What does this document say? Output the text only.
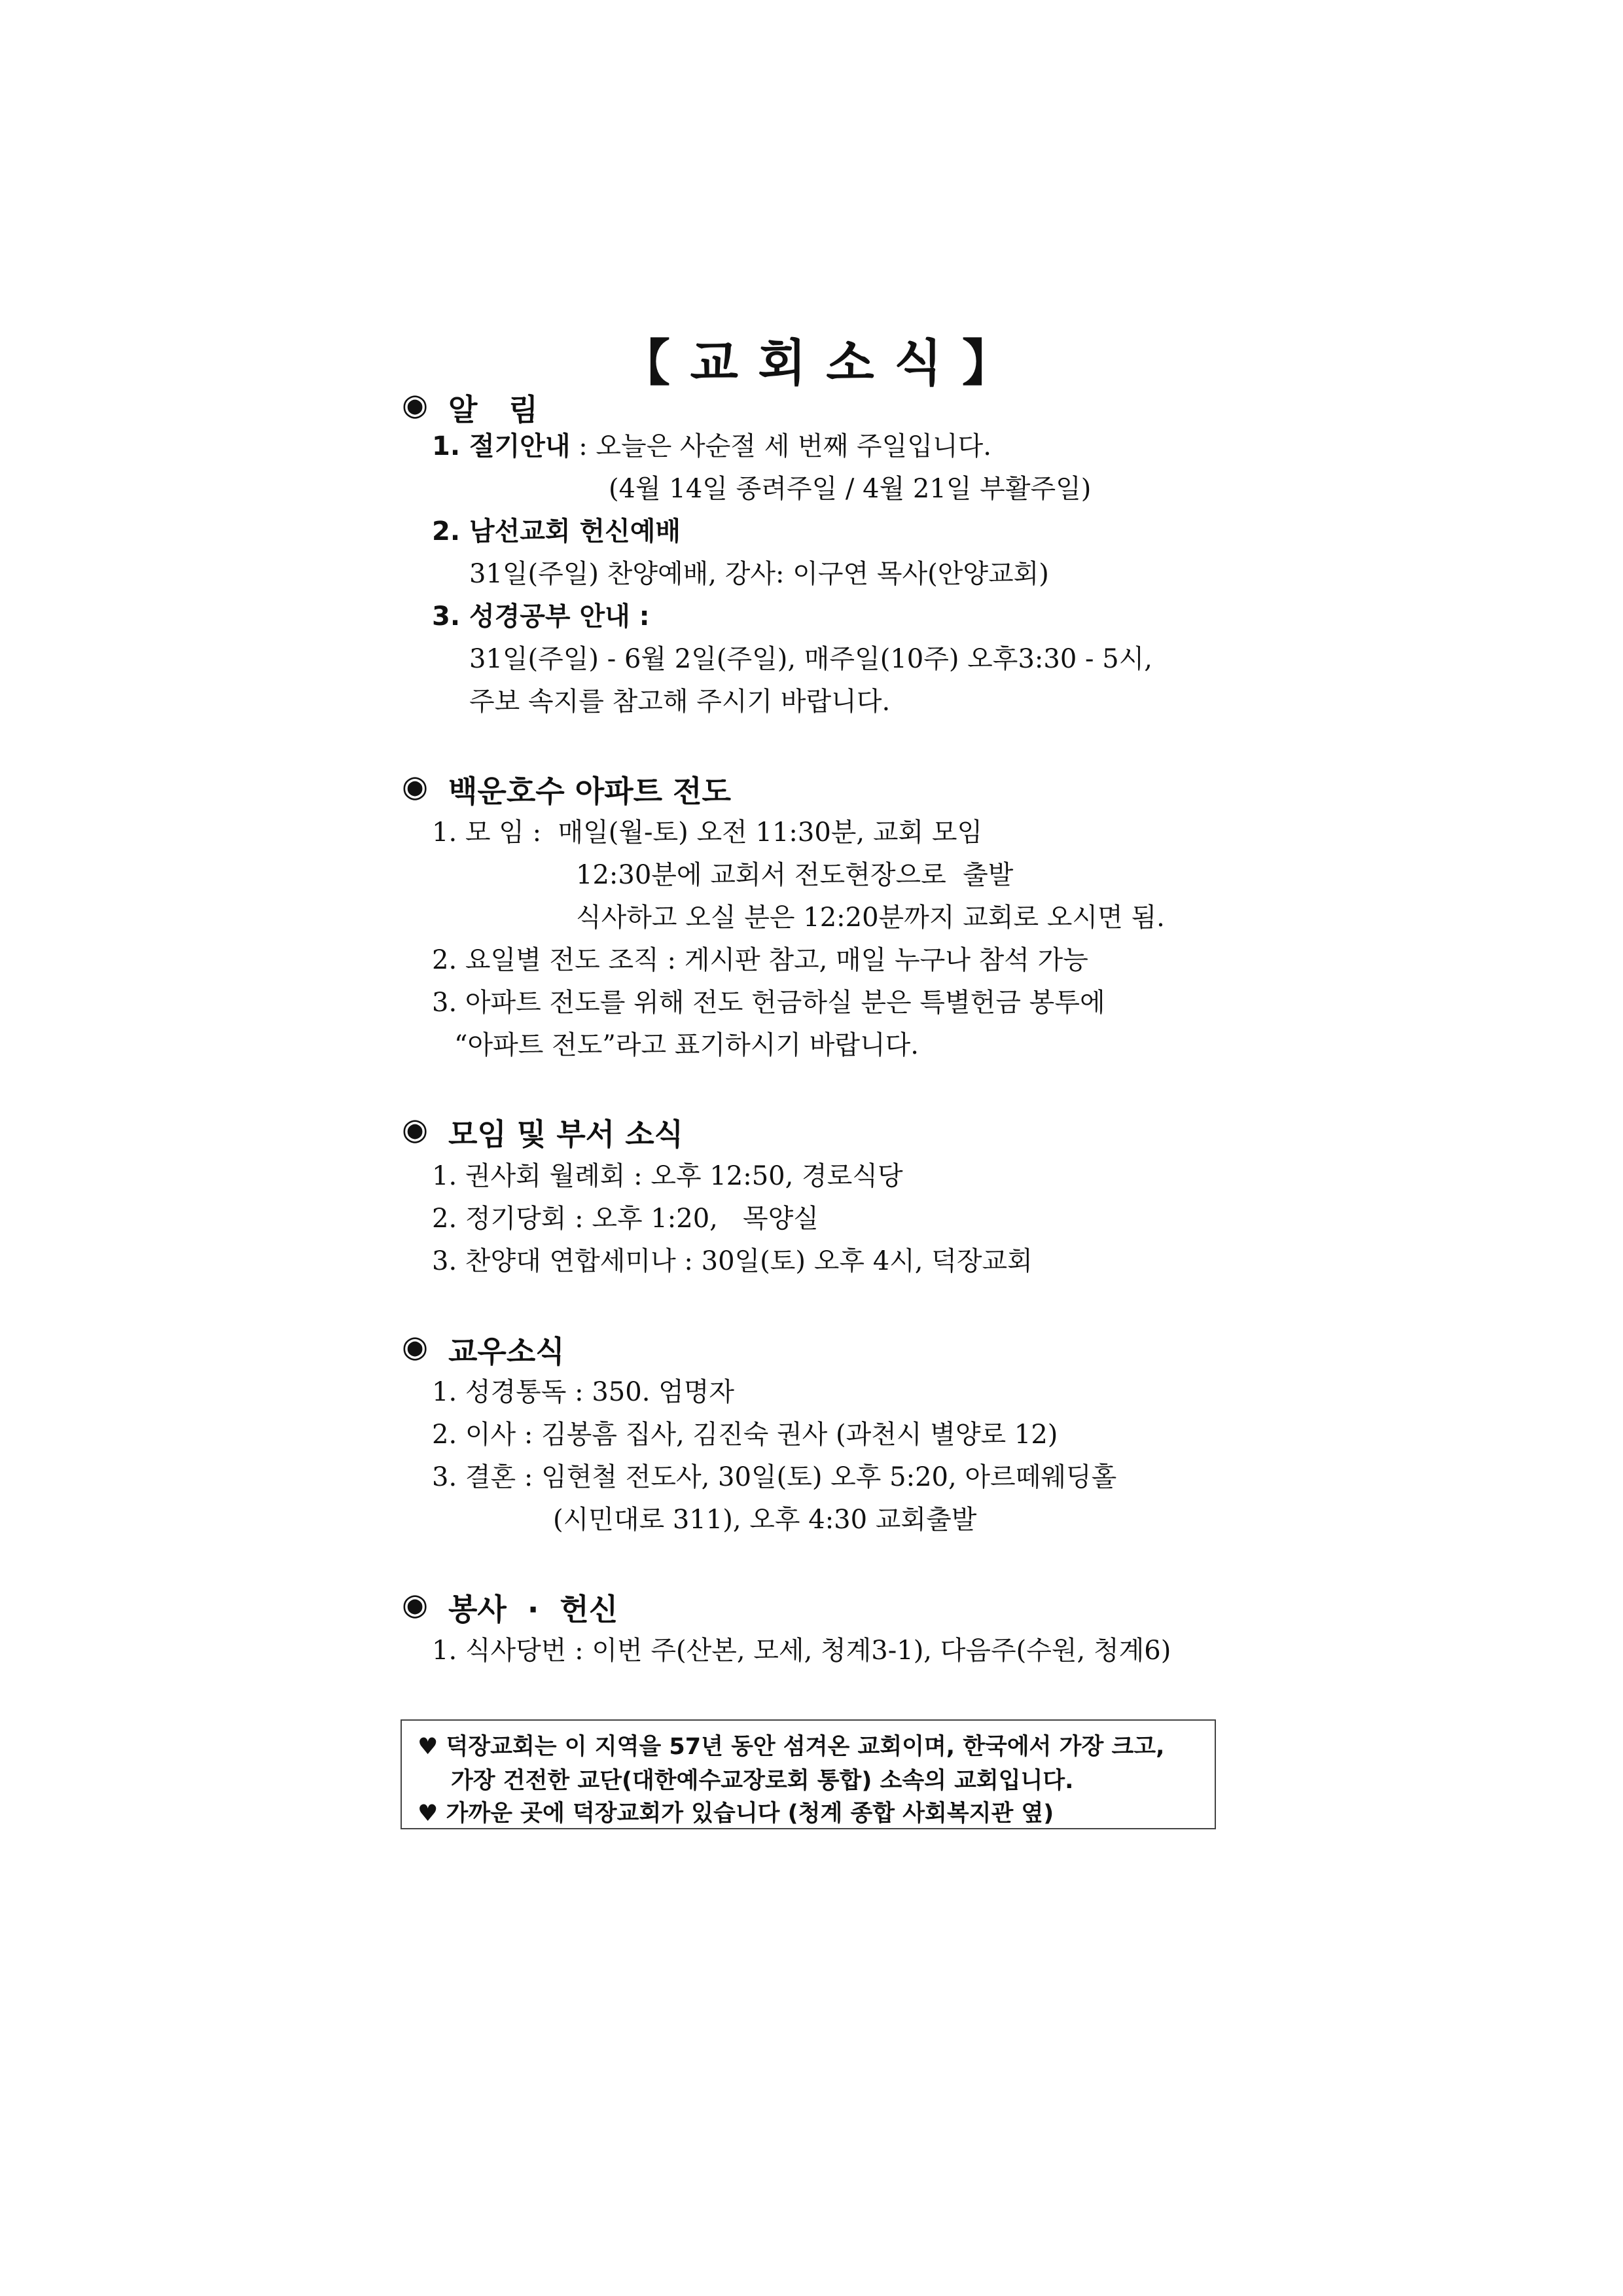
【 교 회 소 식 】
◉ 알   림
1. 절기안내 : 오늘은 사순절 세 번째 주일입니다.
(4월 14일 종려주일 / 4월 21일 부활주일)
2. 남선교회 헌신예배
31일(주일) 찬양예배, 강사: 이구연 목사(안양교회)
3. 성경공부 안내 :
31일(주일) - 6월 2일(주일), 매주일(10주) 오후3:30 - 5시,
주보 속지를 참고해 주시기 바랍니다.
◉ 백운호수 아파트 전도
1. 모 임 :  매일(월-토) 오전 11:30분, 교회 모임
12:30분에 교회서 전도현장으로  출발
식사하고 오실 분은 12:20분까지 교회로 오시면 됨.
2. 요일별 전도 조직 : 게시판 참고, 매일 누구나 참석 가능
3. 아파트 전도를 위해 전도 헌금하실 분은 특별헌금 봉투에
“아파트 전도”라고 표기하시기 바랍니다.
◉ 모임 및 부서 소식
1. 권사회 월례회 : 오후 12:50, 경로식당
2. 정기당회 : 오후 1:20,   목양실
3. 찬양대 연합세미나 : 30일(토) 오후 4시, 덕장교회
◉ 교우소식
1. 성경통독 : 350. 엄명자
2. 이사 : 김봉흠 집사, 김진숙 권사 (과천시 별양로 12)
3. 결혼 : 임현철 전도사, 30일(토) 오후 5:20, 아르떼웨딩홀
(시민대로 311), 오후 4:30 교회출발
◉ 봉사  ·  헌신
1. 식사당번 : 이번 주(산본, 모세, 청계3-1), 다음주(수원, 청계6)
♥ 덕장교회는 이 지역을 57년 동안 섬겨온 교회이며, 한국에서 가장 크고,
가장 건전한 교단(대한예수교장로회 통합) 소속의 교회입니다.
♥ 가까운 곳에 덕장교회가 있습니다 (청계 종합 사회복지관 옆)
